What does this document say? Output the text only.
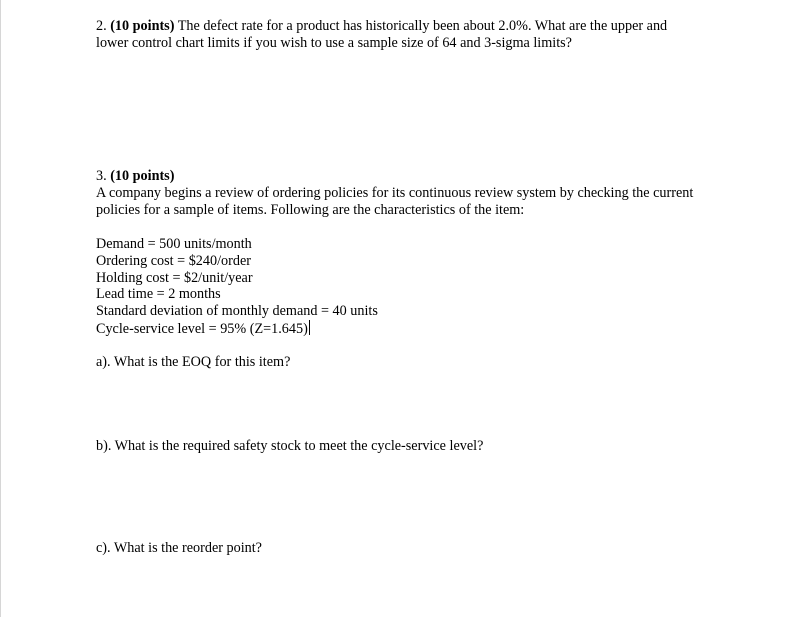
2. (10 points) The defect rate for a product has historically been about 2.0%. What are the upper and
lower control chart limits if you wish to use a sample size of 64 and 3-sigma limits?
3. (10 points)
A company begins a review of ordering policies for its continuous review system by checking the current
policies for a sample of items. Following are the characteristics of the item:
Demand = 500 units/month
Ordering cost = $240/order
Holding cost = $2/unit/year
Lead time = 2 months
Standard deviation of monthly demand = 40 units
Cycle-service level = 95% (Z=1.645)
a). What is the EOQ for this item?
b). What is the required safety stock to meet the cycle-service level?
c). What is the reorder point?
